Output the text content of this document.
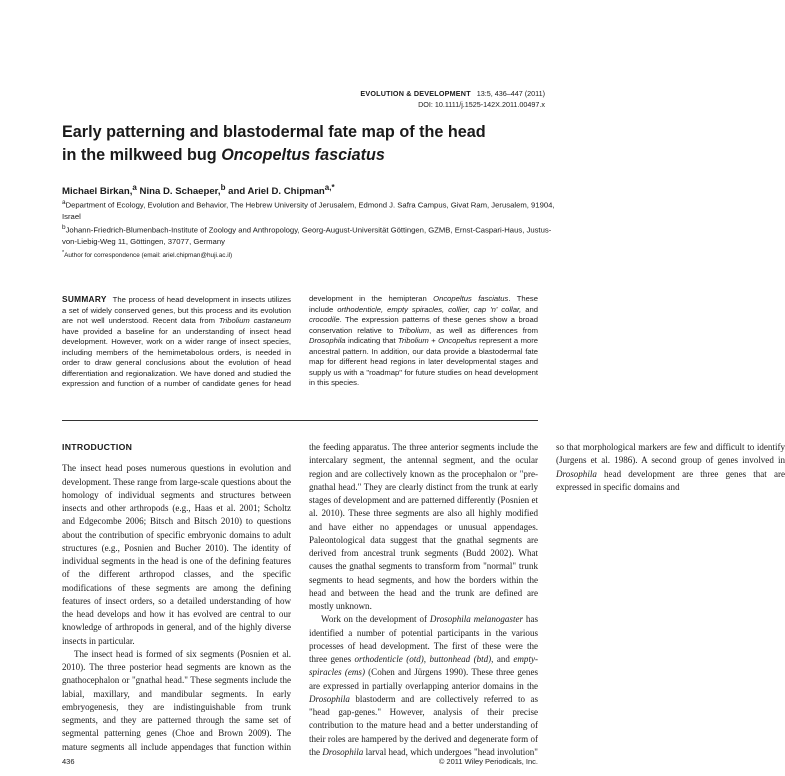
EVOLUTION & DEVELOPMENT 13:5, 436–447 (2011)
DOI: 10.1111/j.1525-142X.2011.00497.x
Early patterning and blastodermal fate map of the head
in the milkweed bug Oncopeltus fasciatus
Michael Birkan,$^a$ Nina D. Schaeper,$^b$ and Ariel D. Chipman$^{a,*}$

$^a$Department of Ecology, Evolution and Behavior, The Hebrew University of Jerusalem, Edmond J. Safra Campus, Givat Ram, Jerusalem, 91904, Israel

$^b$Johann-Friedrich-Blumenbach-Institute of Zoology and Anthropology, Georg-August-Universität Göttingen, GZMB, Ernst-Caspari-Haus, Justus-von-Liebig-Weg 11, Göttingen, 37077, Germany

*Author for correspondence (email: ariel.chipman@huji.ac.il)

SUMMARY The process of head development in insects utilizes a set of widely conserved genes, but this process and its evolution are not well understood. Recent data from Tribolium castaneum have provided a baseline for an understanding of insect head development. However, work on a wider range of insect species, including members of the hemimetabolous orders, is needed in order to draw general conclusions about the evolution of head differentiation and regionalization. We have doned and studied the expression and function of a number of candidate genes for head development in the hemipteran Oncopeltus fasciatus. These include orthodenticle, empty spiracles, collier, cap 'n' collar, and crocodile. The expression patterns of these genes show a broad conservation relative to Tribolium, as well as differences from Drosophila indicating that Tribolium + Oncopeltus represent a more ancestral pattern. In addition, our data provide a blastodermal fate map for different head regions in later developmental stages and supply us with a "roadmap" for future studies on head development in this species.
INTRODUCTION

The insect head poses numerous questions in evolution and development. These range from large-scale questions about the homology of individual segments and structures between insects and other arthropods (e.g., Haas et al. 2001; Scholtz and Edgecombe 2006; Bitsch and Bitsch 2010) to questions about the contribution of specific embryonic domains to adult structures (e.g., Posnien and Bucher 2010). The identity of individual segments in the head is one of the defining features of the different arthropod classes, and the specific modifications of these segments are among the defining features of insect orders, so a detailed understanding of how the head develops and how it has evolved are central to our knowledge of arthropods in general, and of the highly diverse insects in particular.

The insect head is formed of six segments (Posnien et al. 2010). The three posterior head segments are known as the gnathocephalon or "gnathal head." These segments include the labial, maxillary, and mandibular segments. In early embryogenesis, they are indistinguishable from trunk segments, and they are patterned through the same set of segmental patterning genes (Choe and Brown 2009). The mature segments all include appendages that function within the feeding apparatus. The three anterior segments include the intercalary segment, the antennal segment, and the ocular region and are collectively known as the procephalon or "pre-gnathal head." They are clearly distinct from the trunk at early stages of development and are patterned differently (Posnien et al. 2010). These three segments are also all highly modified and have either no appendages or unusual appendages. Paleontological data suggest that the gnathal segments are derived from ancestral trunk segments (Budd 2002). What causes the gnathal segments to transform from "normal" trunk segments to head segments, and how the borders within the head and between the head and the trunk are defined are mostly unknown.

Work on the development of Drosophila melanogaster has identified a number of potential participants in the various processes of head development. The first of these were the three genes orthodenticle (otd), buttonhead (btd), and empty-spiracles (ems) (Cohen and Jürgens 1990). These three genes are expressed in partially overlapping anterior domains in the Drosophila blastoderm and are collectively referred to as "head gap-genes." However, analysis of their precise contribution to the mature head and a better understanding of their roles are hampered by the derived and degenerate form of the Drosophila larval head, which undergoes "head involution" so that morphological markers are few and difficult to identify (Jurgens et al. 1986). A second group of genes involved in Drosophila head development are three genes that are expressed in specific domains and

436	© 2011 Wiley Periodicals, Inc.
